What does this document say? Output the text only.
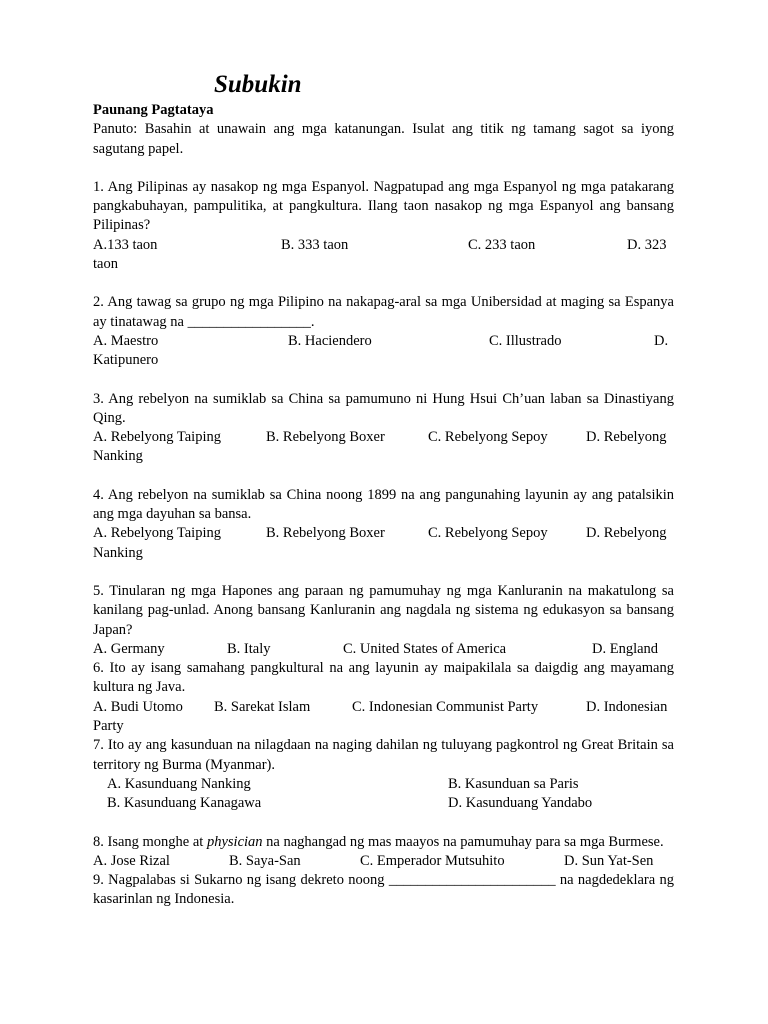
Subukin
Paunang Pagtataya
Panuto: Basahin at unawain ang mga katanungan. Isulat ang titik ng tamang sagot sa iyong sagutang papel.
1. Ang Pilipinas ay nasakop ng mga Espanyol. Nagpatupad ang mga Espanyol ng mga patakarang pangkabuhayan, pampulitika, at pangkultura. Ilang taon nasakop ng mga Espanyol ang bansang Pilipinas?
A.133 taon	B. 333 taon	C. 233 taon	D. 323
taon
2. Ang tawag sa grupo ng mga Pilipino na nakapag-aral sa mga Unibersidad at maging sa Espanya ay tinatawag na _________________.
A. Maestro	B. Haciendero	C. Illustrado	D.
Katipunero
3. Ang rebelyon na sumiklab sa China sa pamumuno ni Hung Hsui Ch’uan laban sa Dinastiyang Qing.
A. Rebelyong Taiping	B. Rebelyong Boxer	C. Rebelyong Sepoy	D. Rebelyong
Nanking
4. Ang rebelyon na sumiklab sa China noong 1899 na ang pangunahing layunin ay ang patalsikin ang mga dayuhan sa bansa.
A. Rebelyong Taiping	B. Rebelyong Boxer	C. Rebelyong Sepoy	D. Rebelyong
Nanking
5. Tinularan ng mga Hapones ang paraan ng pamumuhay ng mga Kanluranin na makatulong sa kanilang pag-unlad. Anong bansang Kanluranin ang nagdala ng sistema ng edukasyon sa bansang Japan?
A. Germany	B. Italy	C. United States of America	D. England
6. Ito ay isang samahang pangkultural na ang layunin ay maipakilala sa daigdig ang mayamang kultura ng Java.
A. Budi Utomo B. Sarekat Islam	C. Indonesian Communist Party	D. Indonesian
Party
7. Ito ay ang kasunduan na nilagdaan na naging dahilan ng tuluyang pagkontrol ng Great Britain sa territory ng Burma (Myanmar).
A. Kasunduang Nanking	B. Kasunduan sa Paris
B. Kasunduang Kanagawa	D. Kasunduang Yandabo
8. Isang monghe at physician na naghangad ng mas maayos na pamumuhay para sa mga Burmese.
A. Jose Rizal	B. Saya-San	C. Emperador Mutsuhito	D. Sun Yat-Sen
9. Nagpalabas si Sukarno ng isang dekreto noong _______________________ na nagdedeklara ng kasarinlan ng Indonesia.
